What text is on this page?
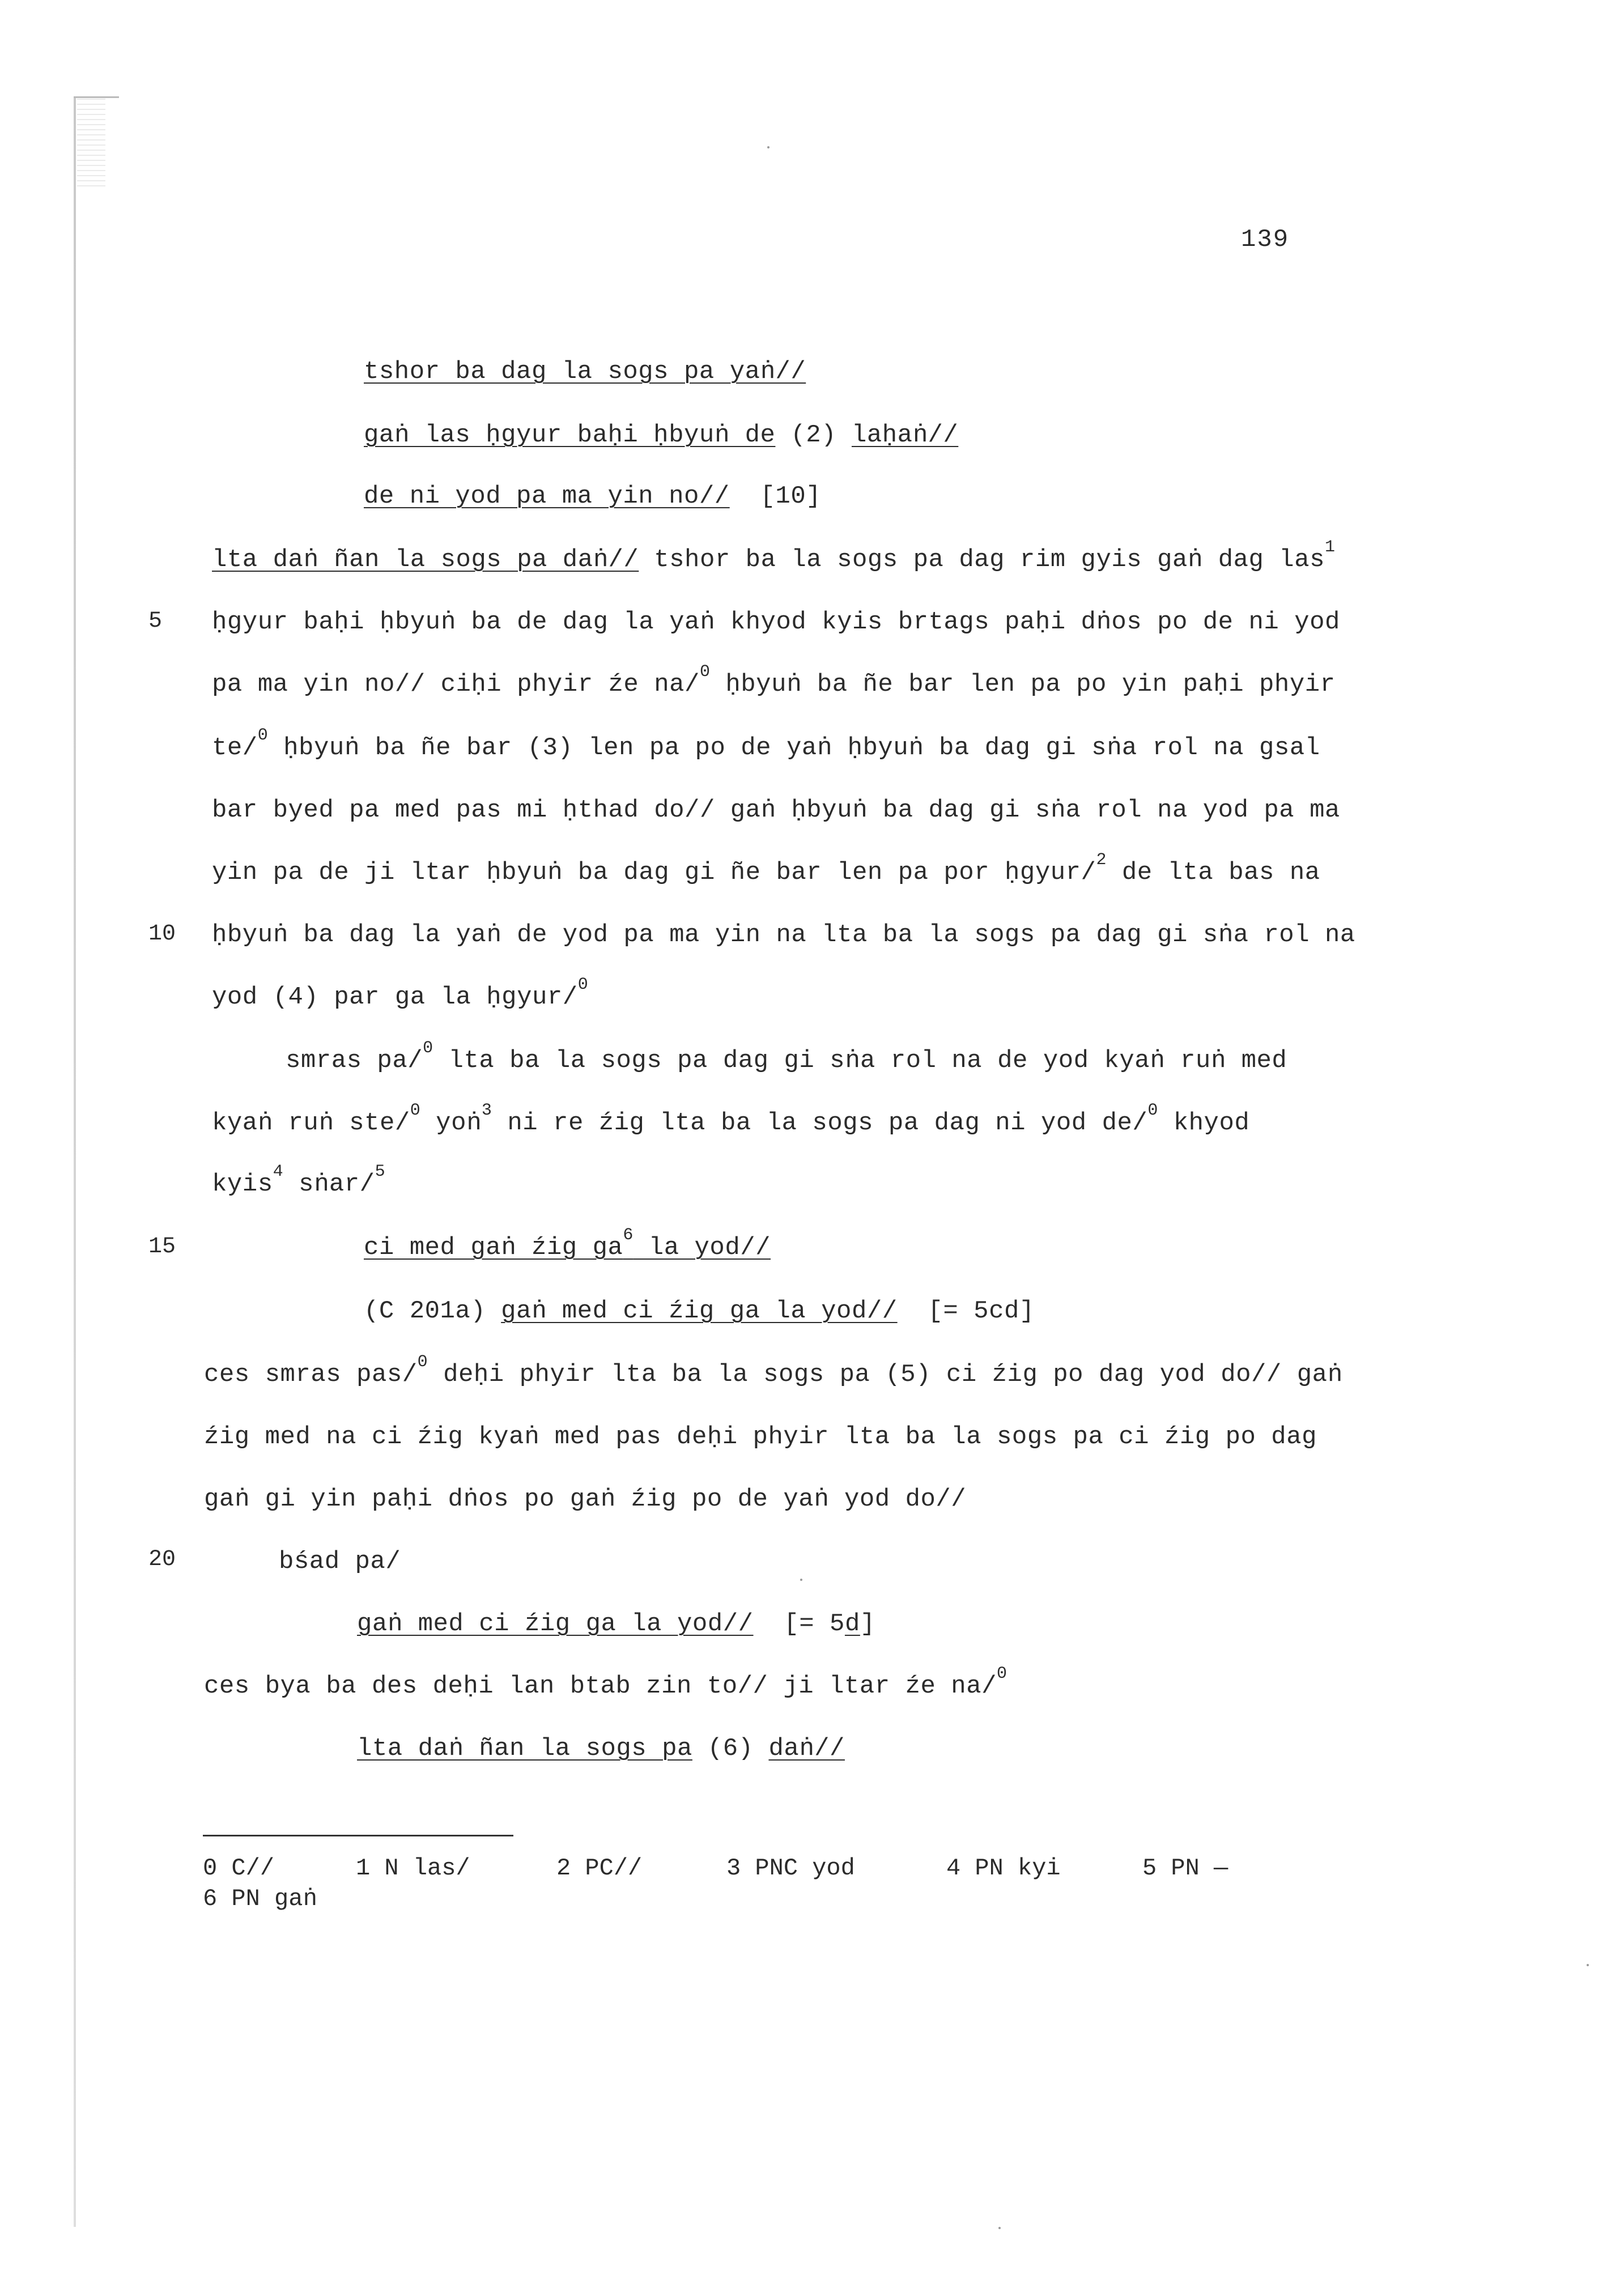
139
tshor ba dag la sogs pa yaṅ//
gaṅ las ḥgyur baḥi ḥbyuṅ de (2) laḥaṅ//
de ni yod pa ma yin no//  [10]
lta daṅ ñan la sogs pa daṅ// tshor ba la sogs pa dag rim gyis gaṅ dag las$^1$
5 ḥgyur baḥi ḥbyuṅ ba de dag la yaṅ khyod kyis brtags paḥi dṅos po de ni yod
pa ma yin no// ciḥi phyir źe na/$^0$ ḥbyuṅ ba ñe bar len pa po yin paḥi phyir
te/$^0$ ḥbyuṅ ba ñe bar (3) len pa po de yaṅ ḥbyuṅ ba dag gi sṅa rol na gsal
bar byed pa med pas mi ḥthad do// gaṅ ḥbyuṅ ba dag gi sṅa rol na yod pa ma
yin pa de ji ltar ḥbyuṅ ba dag gi ñe bar len pa por ḥgyur/$^2$ de lta bas na
10 ḥbyuṅ ba dag la yaṅ de yod pa ma yin na lta ba la sogs pa dag gi sṅa rol na
yod (4) par ga la ḥgyur/$^0$
smras pa/$^0$ lta ba la sogs pa dag gi sṅa rol na de yod kyaṅ ruṅ med
kyaṅ ruṅ ste/$^0$ yoṅ$^3$ ni re źig lta ba la sogs pa dag ni yod de/$^0$ khyod
kyis$^4$ sṅar/$^5$
15	ci med gaṅ źig $ga^6$ la yod//
(C 201a) gaṅ med ci źig ga la yod//  [= 5cd]
ces smras pas/$^0$ deḥi phyir lta ba la sogs pa (5) ci źig po dag yod do// gaṅ
źig med na ci źig kyaṅ med pas deḥi phyir lta ba la sogs pa ci źig po dag
gaṅ gi yin paḥi dṅos po gaṅ źig po de yaṅ yod do//
20	bśad pa/
gaṅ med ci źig ga la yod//  [= 5d]
ces bya ba des deḥi lan btab zin to// ji ltar źe na/$^0$
lta daṅ ñan la sogs pa (6) daṅ//
0 C//	1 N las/	2 PC//	3 PNC yod	4 PN kyi	5 PN —
6 PN gaṅ
